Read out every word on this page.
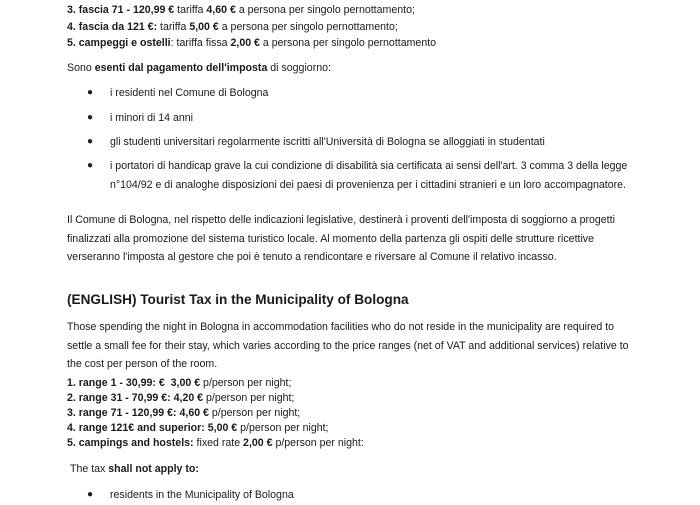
3. fascia 71 - 120,99 € tariffa 4,60 € a persona per singolo pernottamento;
4. fascia da 121 €: tariffa 5,00 € a persona per singolo pernottamento;
5. campeggi e ostelli: tariffa fissa 2,00 € a persona per singolo pernottamento
Sono esenti dal pagamento dell'imposta di soggiorno:
● i residenti nel Comune di Bologna
● i minori di 14 anni
● gli studenti universitari regolarmente iscritti all'Università di Bologna se alloggiati in studentati
● i portatori di handicap grave la cui condizione di disabilità sia certificata ai sensi dell'art. 3 comma 3 della legge n°104/92 e di analoghe disposizioni dei paesi di provenienza per i cittadini stranieri e un loro accompagnatore.
Il Comune di Bologna, nel rispetto delle indicazioni legislative, destinerà i proventi dell'imposta di soggiorno a progetti finalizzati alla promozione del sistema turistico locale. Al momento della partenza gli ospiti delle strutture ricettive verseranno l'imposta al gestore che poi è tenuto a rendicontare e riversare al Comune il relativo incasso.
(ENGLISH) Tourist Tax in the Municipality of Bologna
Those spending the night in Bologna in accommodation facilities who do not reside in the municipality are required to settle a small fee for their stay, which varies according to the price ranges (net of VAT and additional services) relative to the cost per person of the room.
1. range 1 - 30,99: € 3,00 € p/person per night;
2. range 31 - 70,99 €: 4,20 € p/person per night;
3. range 71 - 120,99 €: 4,60 € p/person per night;
4. range 121€ and superior: 5,00 € p/person per night;
5. campings and hostels: fixed rate 2,00 € p/person per night:
The tax shall not apply to:
● residents in the Municipality of Bologna
